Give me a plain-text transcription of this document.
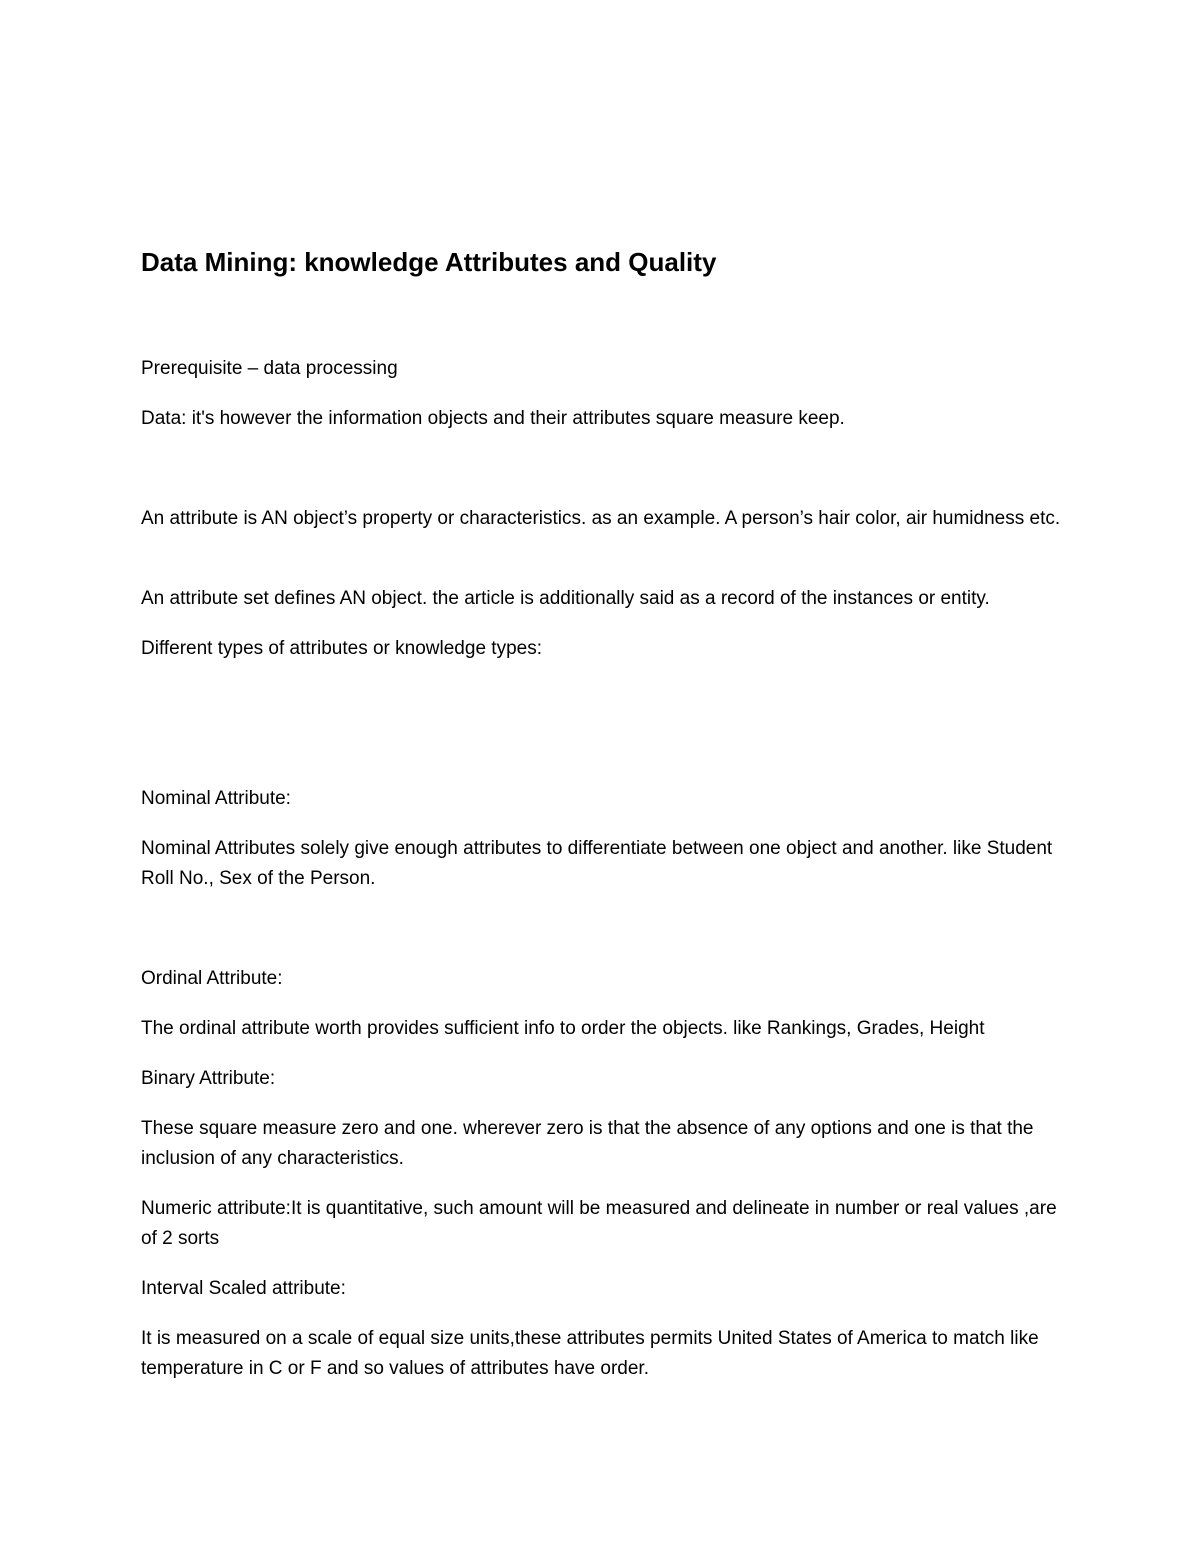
Data Mining: knowledge Attributes and Quality
Prerequisite – data processing
Data: it's however the information objects and their attributes square measure keep.
An attribute is AN object’s property or characteristics. as an example. A person’s hair color, air humidness etc.
An attribute set defines AN object. the article is additionally said as a record of the instances or entity.
Different types of attributes or knowledge types:
Nominal Attribute:
Nominal Attributes solely give enough attributes to differentiate between one object and another. like Student Roll No., Sex of the Person.
Ordinal Attribute:
The ordinal attribute worth provides sufficient info to order the objects. like Rankings, Grades, Height
Binary Attribute:
These square measure zero and one. wherever zero is that the absence of any options and one is that the inclusion of any characteristics.
Numeric attribute:It is quantitative, such amount will be measured and delineate in number or real values ,are of 2 sorts
Interval Scaled attribute:
It is measured on a scale of equal size units,these attributes permits United States of America to match like temperature in C or F and so values of attributes have order.
